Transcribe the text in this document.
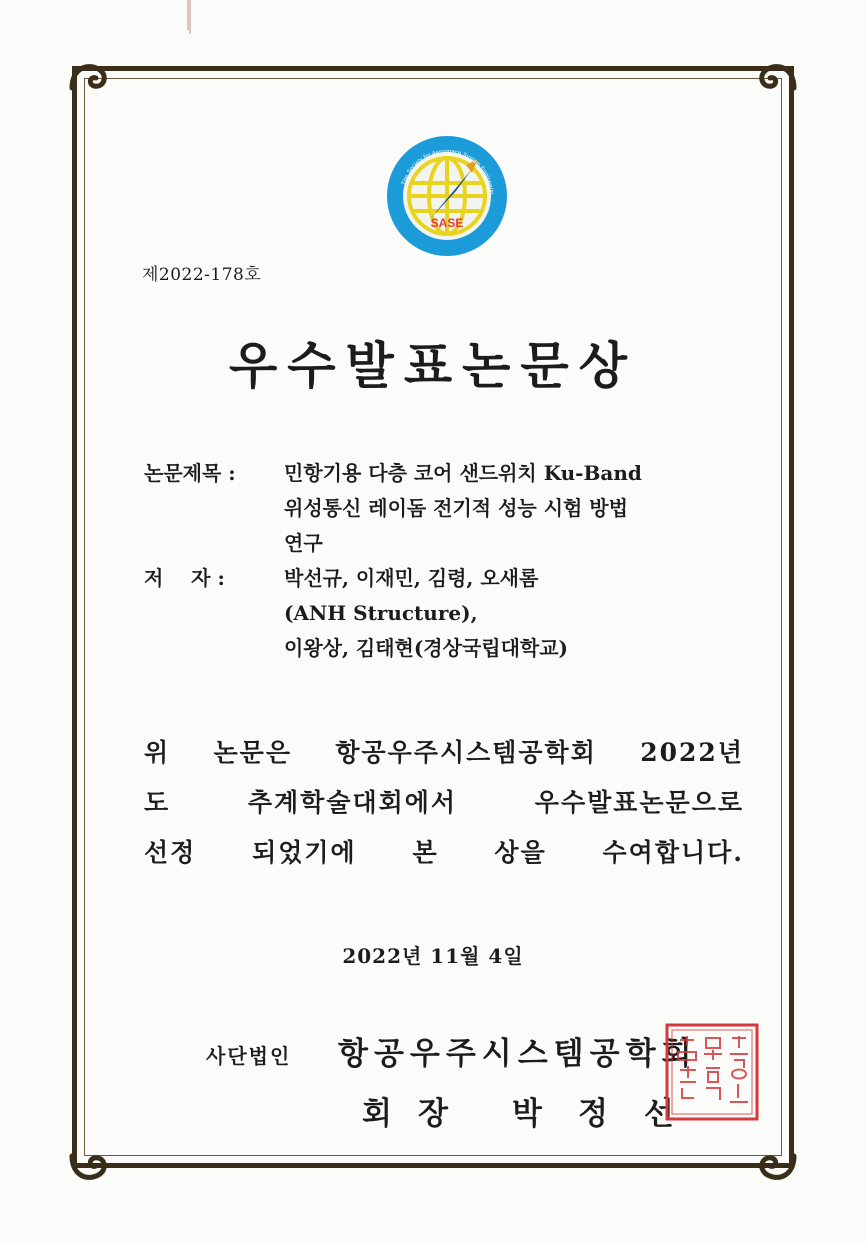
SASE
The Society for Aerospace System Engineerin
제2022-178호
우수발표논문상
논문제목 : 민항기용 다층 코어 샌드위치 Ku-Band
위성통신 레이돔 전기적 성능 시험 방법
연구
저    자 :	박선규, 이재민, 김령, 오새롬
(ANH Structure),
이왕상, 김태현(경상국립대학교)
위 논문은 항공우주시스템공학회 2022년
도	추계학술대회에서	우수발표논문으로
선정 되었기에 본 상을 수여합니다.
2022년 11월 4일
사단법인 항공우주시스템공학회
회장 박정선
